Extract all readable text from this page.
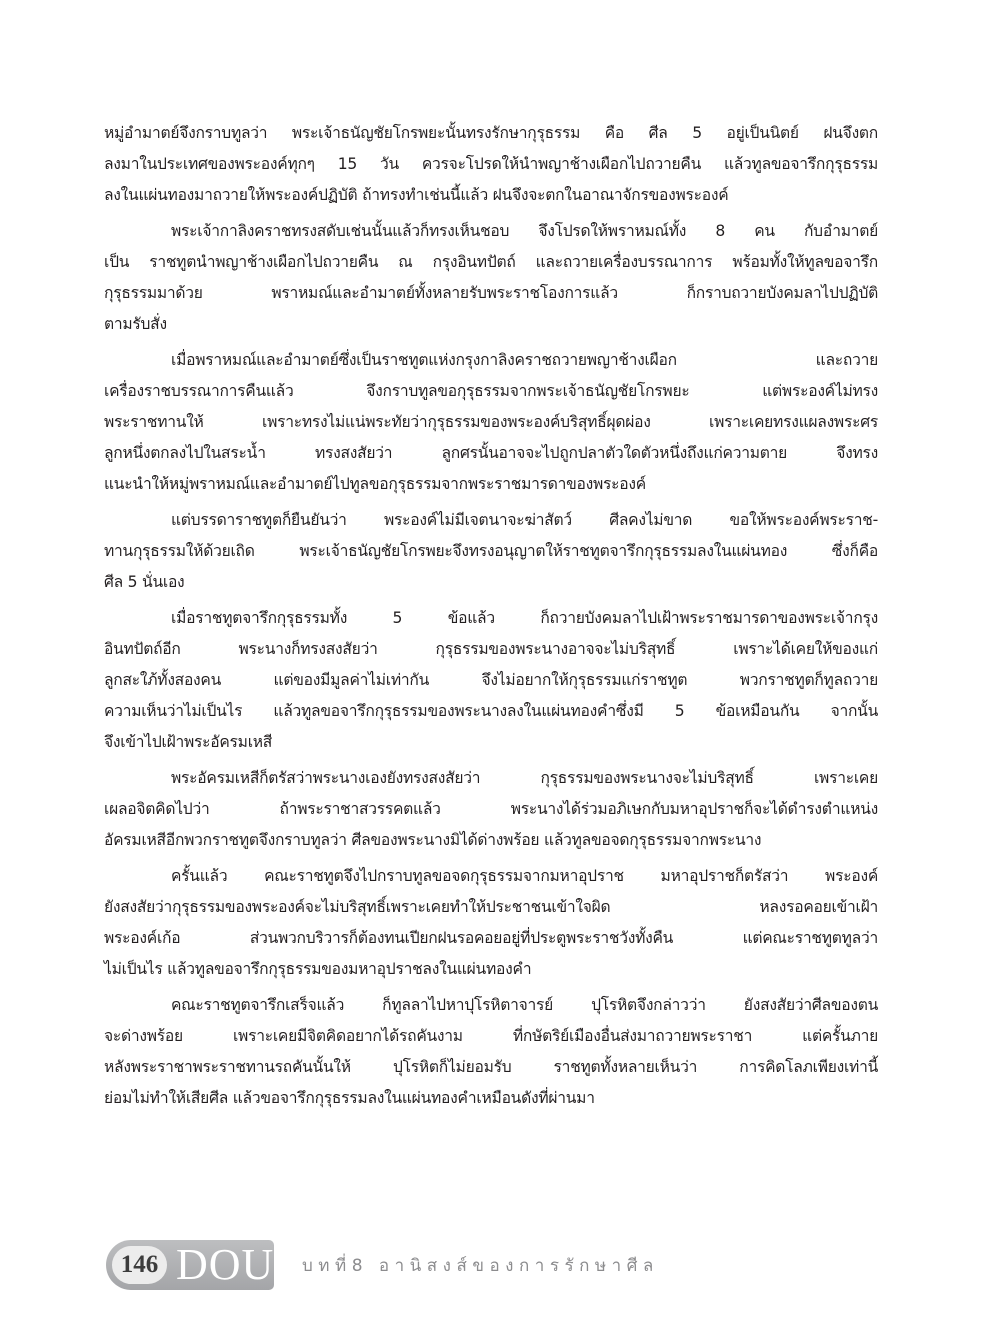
หมู่อำมาตย์จึงกราบทูลว่า พระเจ้าธนัญชัยโกรพยะนั้นทรงรักษากุรุธรรม คือ ศีล 5 อยู่เป็นนิตย์ ฝนจึงตก
ลงมาในประเทศของพระองค์ทุกๆ 15 วัน ควรจะโปรดให้นำพญาช้างเผือกไปถวายคืน แล้วทูลขอจารึกกุรุธรรม
ลงในแผ่นทองมาถวายให้พระองค์ปฏิบัติ ถ้าทรงทำเช่นนี้แล้ว ฝนจึงจะตกในอาณาจักรของพระองค์
พระเจ้ากาลิงคราชทรงสดับเช่นนั้นแล้วก็ทรงเห็นชอบ จึงโปรดให้พราหมณ์ทั้ง 8 คน กับอำมาตย์
เป็น ราชทูตนำพญาช้างเผือกไปถวายคืน ณ กรุงอินทปัตถ์ และถวายเครื่องบรรณาการ พร้อมทั้งให้ทูลขอจารึก
กุรุธรรมมาด้วย พราหมณ์และอำมาตย์ทั้งหลายรับพระราชโองการแล้ว ก็กราบถวายบังคมลาไปปฏิบัติ
ตามรับสั่ง
เมื่อพราหมณ์และอำมาตย์ซึ่งเป็นราชทูตแห่งกรุงกาลิงคราชถวายพญาช้างเผือก และถวาย
เครื่องราชบรรณาการคืนแล้ว จึงกราบทูลขอกุรุธรรมจากพระเจ้าธนัญชัยโกรพยะ แต่พระองค์ไม่ทรง
พระราชทานให้ เพราะทรงไม่แน่พระทัยว่ากุรุธรรมของพระองค์บริสุทธิ์ผุดผ่อง เพราะเคยทรงแผลงพระศร
ลูกหนึ่งตกลงไปในสระน้ำ ทรงสงสัยว่า ลูกศรนั้นอาจจะไปถูกปลาตัวใดตัวหนึ่งถึงแก่ความตาย จึงทรง
แนะนำให้หมู่พราหมณ์และอำมาตย์ไปทูลขอกุรุธรรมจากพระราชมารดาของพระองค์
แต่บรรดาราชทูตก็ยืนยันว่า พระองค์ไม่มีเจตนาจะฆ่าสัตว์ ศีลคงไม่ขาด ขอให้พระองค์พระราช-
ทานกุรุธรรมให้ด้วยเถิด พระเจ้าธนัญชัยโกรพยะจึงทรงอนุญาตให้ราชทูตจารึกกุรุธรรมลงในแผ่นทอง ซึ่งก็คือ
ศีล 5 นั่นเอง
เมื่อราชทูตจารึกกุรุธรรมทั้ง 5 ข้อแล้ว ก็ถวายบังคมลาไปเฝ้าพระราชมารดาของพระเจ้ากรุง
อินทปัตถ์อีก พระนางก็ทรงสงสัยว่า กุรุธรรมของพระนางอาจจะไม่บริสุทธิ์ เพราะได้เคยให้ของแก่
ลูกสะใภ้ทั้งสองคน แต่ของมีมูลค่าไม่เท่ากัน จึงไม่อยากให้กุรุธรรมแก่ราชทูต พวกราชทูตก็ทูลถวาย
ความเห็นว่าไม่เป็นไร แล้วทูลขอจารึกกุรุธรรมของพระนางลงในแผ่นทองคำซึ่งมี 5 ข้อเหมือนกัน จากนั้น
จึงเข้าไปเฝ้าพระอัครมเหสี
พระอัครมเหสีก็ตรัสว่าพระนางเองยังทรงสงสัยว่า กุรุธรรมของพระนางจะไม่บริสุทธิ์ เพราะเคย
เผลอจิตคิดไปว่า ถ้าพระราชาสวรรคตแล้ว พระนางได้ร่วมอภิเษกกับมหาอุปราชก็จะได้ดำรงตำแหน่ง
อัครมเหสีอีกพวกราชทูตจึงกราบทูลว่า ศีลของพระนางมิได้ด่างพร้อย แล้วทูลขอจดกุรุธรรมจากพระนาง
ครั้นแล้ว คณะราชทูตจึงไปกราบทูลขอจดกุรุธรรมจากมหาอุปราช มหาอุปราชก็ตรัสว่า พระองค์
ยังสงสัยว่ากุรุธรรมของพระองค์จะไม่บริสุทธิ์เพราะเคยทำให้ประชาชนเข้าใจผิด หลงรอคอยเข้าเฝ้า
พระองค์เก้อ ส่วนพวกบริวารก็ต้องทนเปียกฝนรอคอยอยู่ที่ประตูพระราชวังทั้งคืน แต่คณะราชทูตทูลว่า
ไม่เป็นไร แล้วทูลขอจารึกกุรุธรรมของมหาอุปราชลงในแผ่นทองคำ
คณะราชทูตจารึกเสร็จแล้ว ก็ทูลลาไปหาปุโรหิตาจารย์ ปุโรหิตจึงกล่าวว่า ยังสงสัยว่าศีลของตน
จะด่างพร้อย เพราะเคยมีจิตคิดอยากได้รถคันงาม ที่กษัตริย์เมืองอื่นส่งมาถวายพระราชา แต่ครั้นภาย
หลังพระราชาพระราชทานรถคันนั้นให้ ปุโรหิตก็ไม่ยอมรับ ราชทูตทั้งหลายเห็นว่า การคิดโลภเพียงเท่านี้
ย่อมไม่ทำให้เสียศีล แล้วขอจารึกกุรุธรรมลงในแผ่นทองคำเหมือนดังที่ผ่านมา
146 DOU บทที่8 อานิสงส์ของการรักษาศีล
